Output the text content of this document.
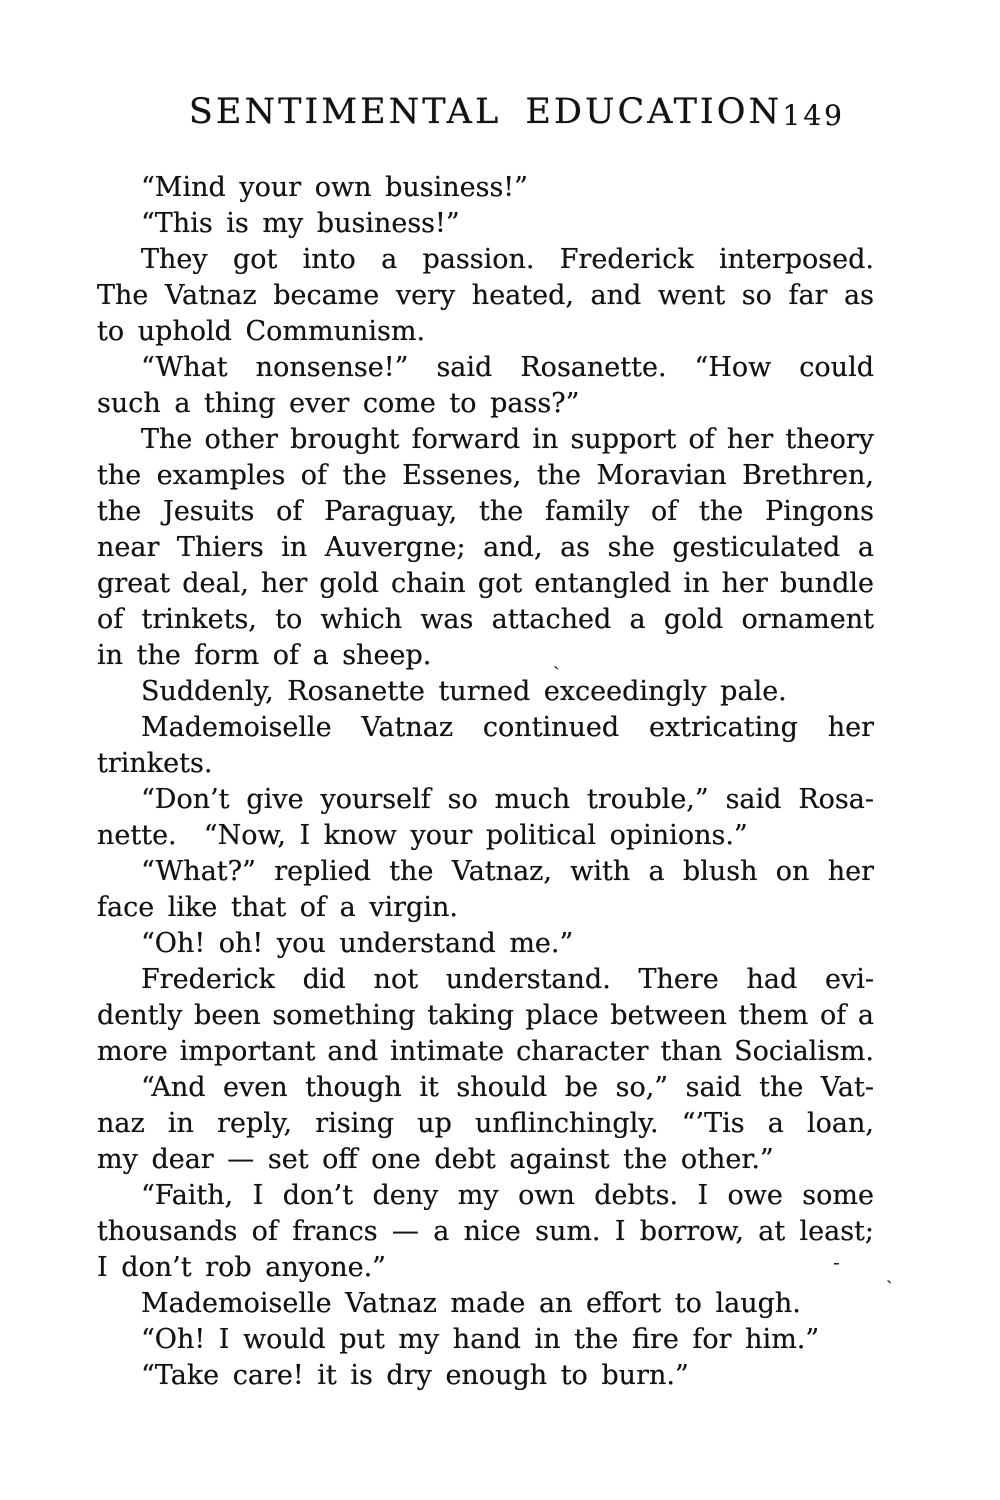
SENTIMENTAL EDUCATION 149
“Mind your own business!”
“This is my business!”
They got into a passion. Frederick interposed.
The Vatnaz became very heated, and went so far as
to uphold Communism.
“What nonsense!” said Rosanette. “How could
such a thing ever come to pass?”
The other brought forward in support of her theory
the examples of the Essenes, the Moravian Brethren,
the Jesuits of Paraguay, the family of the Pingons
near Thiers in Auvergne; and, as she gesticulated a
great deal, her gold chain got entangled in her bundle
of trinkets, to which was attached a gold ornament
in the form of a sheep.
Suddenly, Rosanette turned exceedingly pale.
Mademoiselle Vatnaz continued extricating her
trinkets.
“Don’t give yourself so much trouble,” said Rosa-
nette.  “Now, I know your political opinions.”
“What?” replied the Vatnaz, with a blush on her
face like that of a virgin.
“Oh! oh! you understand me.”
Frederick did not understand. There had evi-
dently been something taking place between them of a
more important and intimate character than Socialism.
“And even though it should be so,” said the Vat-
naz in reply, rising up unflinchingly. “’Tis a loan,
my dear — set off one debt against the other.”
“Faith, I don’t deny my own debts. I owe some
thousands of francs — a nice sum. I borrow, at least;
I don’t rob anyone.”
Mademoiselle Vatnaz made an effort to laugh.
“Oh! I would put my hand in the fire for him.”
“Take care! it is dry enough to burn.”
ˎ
- ˎ
